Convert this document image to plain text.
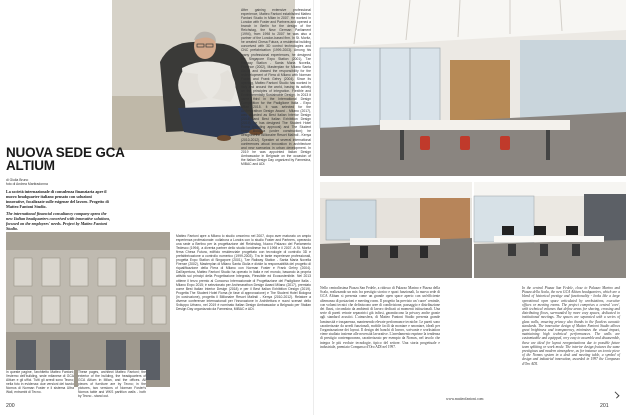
After gaining extensive professional experience, Matteo Fantoni established Matteo Fantoni Studio in Milan in 2007. He worked in London with Foster and Partners and opened a branch in Berlin for the design of the Reichstag, the New German Parliament (1994), from 1998 to 2007 he was also a partner of the London-based firm. In St. Moritz, he created Chesa Futura, a residential building conceived with 3D control technologies and CNC prefabrication (1999-2003). Among his many professional experiences, he designed the Singapore Expo Station (2001), Tze Railway Station - Santa Maria Novella, Florence (2002), Masterplan for Milano Santa Giulia, and drawed the responsibility for the redevelopment of Fiera di Milano with Norman Foster and Frank Gehry (2004). Since its opening, Matteo Fantoni Studio has worked in Italy and around the world, basing its activity on the principles of integration. Flexible and Environmentally Sustainable Design. In 2013 it came third in the International Design Competition for the Padiglione Italia - Expo Milan 2015. It was selected for the Archmarathon Design Award - Milano (2017), was awarded as Best Italian Interior Design (2018) and Best Italian Exhibition Design (2019), he has designed The Student Hotel Roma (pending approval) and The Student Hotel Bologna (under construction); he designed the Billionaire Resort Malindi - Kenya (2010-2012). Speaker at several international conferences about innovation in architecture and new scenarios in urban development. In 2019 he was appointed Italian Design Ambassador in Belgrade on the occasion of the Italian Design Day organized by Farnesina, MIBAC and ADI.
NUOVA SEDE GCA ALTIUM
di Giulia Bruno
foto di Andrea Martiradonna
La società internazionale di consulenza finanziaria apre il nuovo headquarter italiano pensato con soluzioni innovative, focalizzate sulle esigenze del lavoro. Progetto di Matteo Fantoni Studio.
The international financial consultancy company opens the new Italian headquarters conceived with innovative solutions, focused on the employees' needs. Project by Matteo Fantoni Studio.
In queste pagine, l'architetto Matteo Fantoni; l'esterno dell'building, sede milanese di GCA Altium e gli uffici. Tutti gli arredi sono Tecno; nella foto in evidenza: due versioni del tavolo Nomos di Norman Foster e il sistema Ultra Wall, entrambi di Tecno.
These pages, architect Matteo Fantoni; the exterior of the building, the headquarters of GCA Altium in Milan, and the offices. All pieces of furniture are by Tecno; in the pictures, two versions of Norman Foster's Nomos table and WKS partition walls - both by Tecno - stand out.
Matteo Fantoni apre a Milano lo studio omonimo nel 2007, dopo aver maturato un ampio esperienza professionale: collabora a Londra con lo studio Foster and Partners, operando una sede a Berlino per la progettazione del Reichstag, Nuovo Palazzo del Parlamento Tedesco (1994), a diventa partner dello studio londinese tra il 1998 e il 2007. A St. Moritz firma Chesa Futura, edificio residenziale progettato con tecnologie di controllo 3D e prefabbricazione a controllo numerico (1999-2003). Tra le tante esperienze professionali, progetta Expo Station di Singapore (2001), Tze Railway Station - Santa Maria Novella Firenze (2002), Masterplan di Milano Santa Giulia e divide la responsabilità del progetto di riqualificazione della Fiera di Milano con Norman Foster e Frank Gehry (2004). Dall'apertura, Matteo Fantoni Studio ha operato in Italia e nel mondo, basando la propria attività sui principi della Progettazione Integrata, Flessibile ed Ecosostenibile. Nel 2013 ottiene il terzo premio al Concorso Internazionale di Progettazione del Padiglione Italia - Milano Expo 2015; è selezionato per Archmarathon Design Award Milano (2017), premiato come Best Italian Interior Design (2018) e per il Best Italian Exhibition Design (2019). Progetta The Student Hotel Roma (in fase di approvazione) e The Student Hotel Bologna (in costruzione), progetta il Billionaire Resort Malindi - Kenya (2010-2012). Relatore a diverse conferenze internazionali per l'innovazione in Architettura e nuovi scenari dello Sviluppo Urbano, nel 2019 è nominato Italian Design Ambassador a Belgrado per l'Italian Design Day organizzato da Farnesina, MIBAC e ADI.
200
Nello centralissima Piazza San Fedele, a ridosso di Palazzo Marino e Piazza della Scala, realizzando un mix fra prestigio storico e spazi funzionali, la nuova sede di GCA Altium si presenta come un grande open space aperto con un'efficiente alternanza di postazioni e meeting room. Il progetto ha previsto un 'cuore' centrale, con volumi tecnici che definiscono aree di condivisione, passaggio e distribuzione dei flussi, circondato da ambienti di lavoro dedicati ai momenti istituzionali. Una serie di pareti vetrate separatrici già infissi, garantiscono la privacy anche grazie agli standard acustici. L'atmosfera, di Matteo Fantoni Studio presenta grande luminosità e trasparenza, mantenendo elevate performance tecniche. Le pareti sono caratterizzate da arredi funzionali, mobile facili da montare e smontare, ideali per l'organizzazione dei layout. Il design dei banchi di lavoro, scrivanie e workstation viene studiato insieme alle necessità lavorative. L'arredamento esprime la tendenza di prestigio contemporanea, caratterizzato per esempio da Nomos, nel tavolo che integra le più evolute tecnologie, tipico del settore. Una storia progettuale e industriale, premiato Compasso d'Oro ADI nel 1997.
In the central Piazza San Fedele, close to Palazzo Marino and Piazza della Scala, the new GCA Altium headquarters, which are a blend of historical prestige and functionality - looks like a large operational open space articulated by workstations, executive offices or meeting rooms. The project comprises a central 'core', with technical volumes that define areas for sharing, crossing and distributing flows, surrounded by more cozy spaces, dedicated to institutional meetings. The spaces are separated with a series of glass walls, ensuring privacy also thanks to the flawless acoustic standards. The innovative design of Matteo Fantoni Studio allows great brightness and transparency, minimizes the visual impact, maintaining high technical performances. The walls are customizable and equipped, very easy to assemble and disassemble, these are ideal for layout reorganizations due to possible future team splitting or work mode. The interior design features the same prestigious and modern atmosphere, as for instance an iconic piece of the Nomos system in a desk and meeting table, a symbol of design and industrial innovation, awarded in 1997 the Compasso d'Oro ADI.
www.matteofantoni.com
201
